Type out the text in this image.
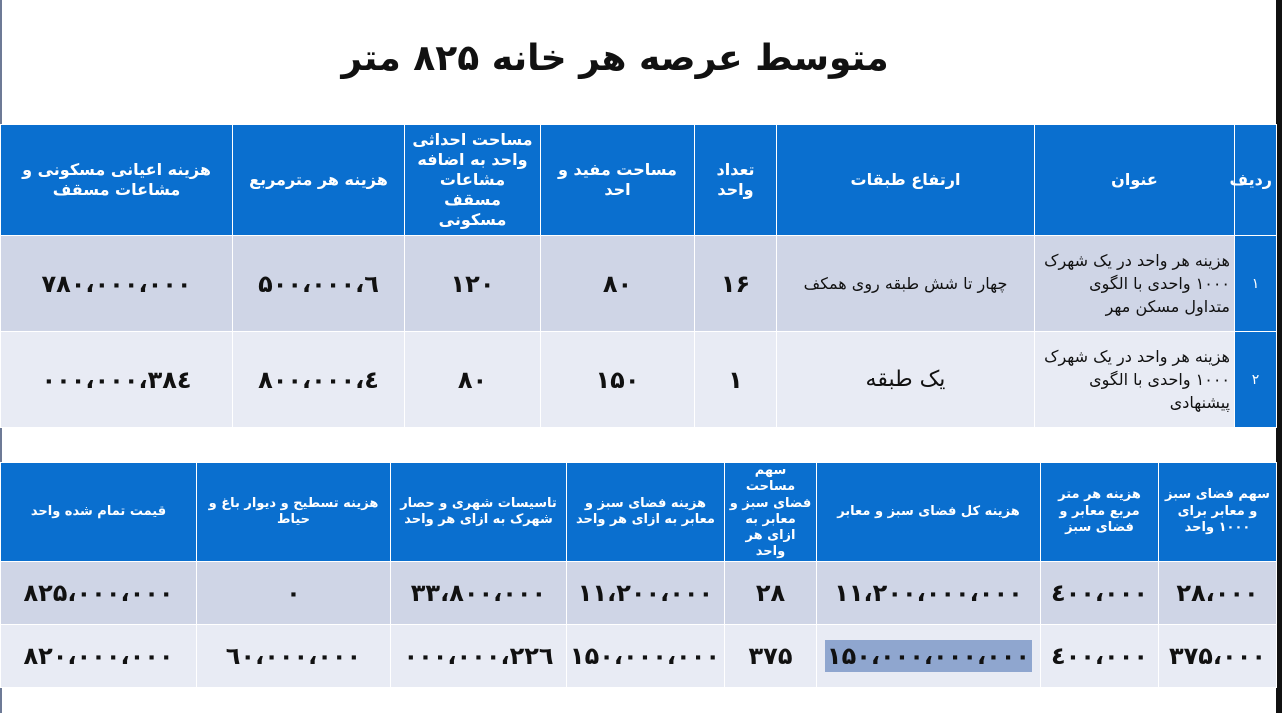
متوسط عرصه هر خانه ۸۲۵ متر
ردیف	عنوان	ارتفاع طبقات	تعداد واحد	مساحت مفید و احد	مساحت احداثی واحد به اضافه مشاعات مسقف مسکونی	هزینه هر مترمربع	هزینه اعیانی مسکونی و مشاعات مسقف
۱	هزینه هر واحد در یک شهرک ۱۰۰۰ واحدی با الگوی متداول مسکن مهر	چهار تا شش طبقه روی همکف	۱۶	۸۰	۱۲۰	٦،۵۰۰،۰۰۰	۷۸۰،۰۰۰،۰۰۰
۲	هزینه هر واحد در یک شهرک ۱۰۰۰ واحدی با الگوی پیشنهادی	یک طبقه	۱	۱۵۰	۸۰	٤،۸۰۰،۰۰۰	۳۸٤،۰۰۰،۰۰۰
سهم فضای سبز و معابر برای ۱۰۰۰ واحد	هزینه هر متر مربع معابر و فضای سبز	هزینه کل فضای سبز و معابر	سهم مساحت فضای سبز و معابر به ازای هر واحد	هزینه فضای سبز و معابر به ازای هر واحد	تاسیسات شهری و حصار شهرک به ازای هر واحد	هزینه تسطیح و دیوار باغ و حیاط	قیمت تمام شده واحد
۲۸،۰۰۰	٤۰۰،۰۰۰	۱۱،۲۰۰،۰۰۰،۰۰۰	۲۸	۱۱،۲۰۰،۰۰۰	۳۳،۸۰۰،۰۰۰	۰	۸۲۵،۰۰۰،۰۰۰
۳۷۵،۰۰۰	٤۰۰،۰۰۰	۱۵۰،۰۰۰،۰۰۰،۰۰۰	۳۷۵	۱۵۰،۰۰۰،۰۰۰	۲۲٦،۰۰۰،۰۰۰	٦۰،۰۰۰،۰۰۰	۸۲۰،۰۰۰،۰۰۰
